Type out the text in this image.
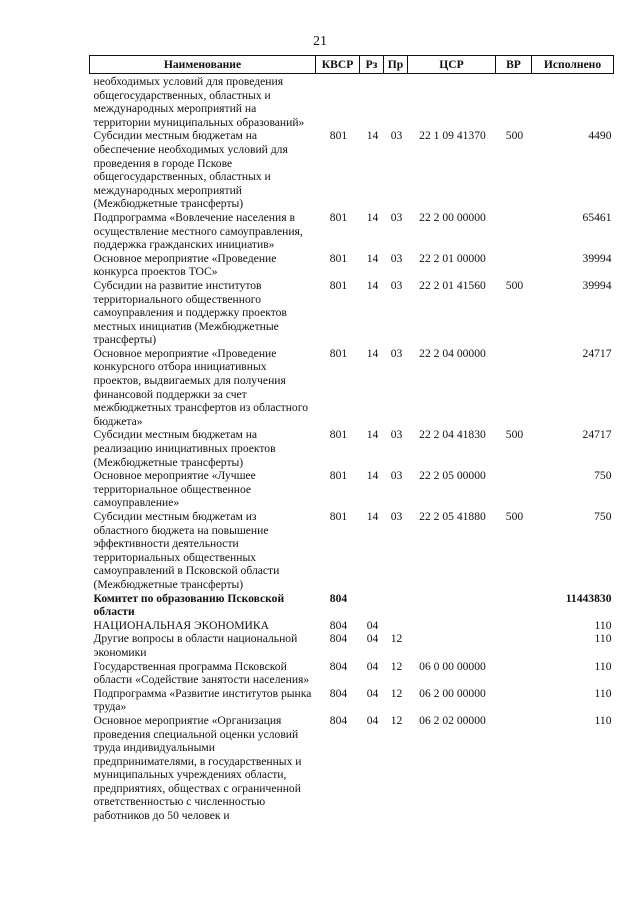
21
Наименование	КВСР	Рз	Пр	ЦСР	ВР	Исполнено
необходимых условий для проведения общегосударственных, областных и международных мероприятий на территории муниципальных образований»						
Субсидии местным бюджетам на обеспечение необходимых условий для проведения в городе Пскове общегосударственных, областных и международных мероприятий (Межбюджетные трансферты)	801	14	03	22 1 09 41370	500	4490
Подпрограмма «Вовлечение населения в осуществление местного самоуправления, поддержка гражданских инициатив»	801	14	03	22 2 00 00000		65461
Основное мероприятие «Проведение конкурса проектов ТОС»	801	14	03	22 2 01 00000		39994
Субсидии на развитие институтов территориального общественного самоуправления и поддержку проектов местных инициатив (Межбюджетные трансферты)	801	14	03	22 2 01 41560	500	39994
Основное мероприятие «Проведение конкурсного отбора инициативных проектов, выдвигаемых для получения финансовой поддержки за счет межбюджетных трансфертов из областного бюджета»	801	14	03	22 2 04 00000		24717
Субсидии местным бюджетам на реализацию инициативных проектов (Межбюджетные трансферты)	801	14	03	22 2 04 41830	500	24717
Основное мероприятие «Лучшее территориальное общественное самоуправление»	801	14	03	22 2 05 00000		750
Субсидии местным бюджетам из областного бюджета на повышение эффективности деятельности территориальных общественных самоуправлений в Псковской области (Межбюджетные трансферты)	801	14	03	22 2 05 41880	500	750
Комитет по образованию Псковской области	804					11443830
НАЦИОНАЛЬНАЯ ЭКОНОМИКА	804	04				110
Другие вопросы в области национальной экономики	804	04	12			110
Государственная программа Псковской области «Содействие занятости населения»	804	04	12	06 0 00 00000		110
Подпрограмма «Развитие институтов рынка труда»	804	04	12	06 2 00 00000		110
Основное мероприятие «Организация проведения специальной оценки условий труда индивидуальными предпринимателями, в государственных и муниципальных учреждениях области, предприятиях, обществах с ограниченной ответственностью с численностью работников до 50 человек и	804	04	12	06 2 02 00000		110
